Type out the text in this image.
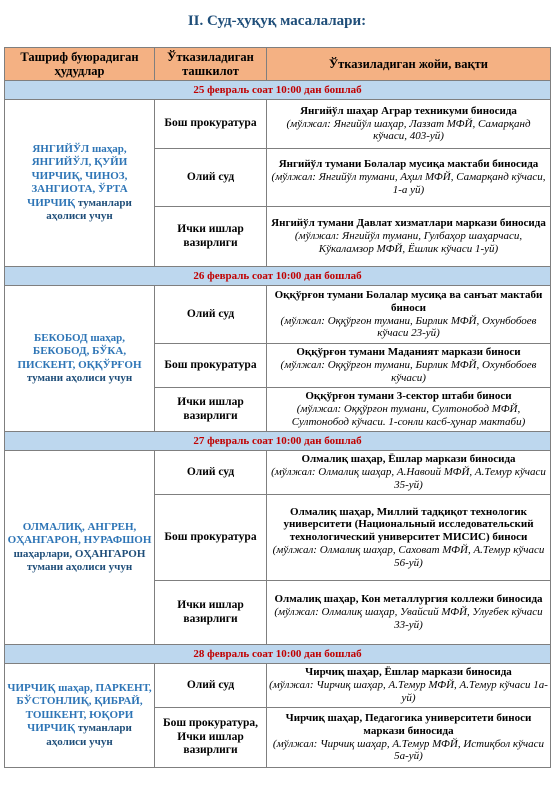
II. Суд-ҳуқуқ масалалари:
Ташриф буюрадиган ҳудудлар	Ўтказиладиган ташкилот	Ўтказиладиган жойи, вақти
25 февраль соат 10:00 дан бошлаб		
ЯНГИЙЎЛ шаҳар, ЯНГИЙЎЛ, ҚУЙИ ЧИРЧИҚ, ЧИНОЗ, ЗАНГИОТА, ЎРТА ЧИРЧИҚ туманлари аҳолиси учун	Бош прокуратура	Янгийўл шаҳар Аграр техникуми биносида
(мўлжал: Янгийўл шаҳар, Лаззат МФЙ, Самарқанд кўчаси, 403-уй)

	Олий суд	Янгийўл тумани Болалар мусиқа мактаби биносида
(мўлжал: Янгийўл тумани, Аҳил МФЙ, Самарқанд кўчаси, 1-а уй)

	Ички ишлар вазирлиги	Янгийўл тумани Давлат хизматлари маркази биносида
(мўлжал: Янгийўл тумани, Гулбаҳор шаҳарчаси, Кўкаламзор МФЙ, Ёшлик кўчаси 1-уй)

26 февраль соат 10:00 дан бошлаб		
БЕКОБОД шаҳар, БЕКОБОД, БЎКА, ПИСКЕНТ, ОҚҚЎРҒОН тумани аҳолиси учун	Олий суд	Оққўрғон тумани Болалар мусиқа ва санъат мактаби биноси
(мўлжал: Оққўрғон тумани, Бирлик МФЙ, Охунбобоев кўчаси 23-уй)

	Бош прокуратура	Оққўрғон тумани Маданият маркази биноси
(мўлжал: Оққўрғон тумани, Бирлик МФЙ, Охунбобоев кўчаси)

	Ички ишлар вазирлиги	Оққўрғон тумани 3-сектор штаби биноси
(мўлжал: Оққўрғон тумани, Султонобод МФЙ, Султонобод кўчаси. 1-сонли касб-ҳунар мактаби)

27 февраль соат 10:00 дан бошлаб		
ОЛМАЛИҚ, АНГРЕН, ОҲАНГАРОН, НУРАФШОН шаҳарлари, ОҲАНГАРОН тумани аҳолиси учун	Олий суд	Олмалиқ шаҳар, Ёшлар маркази биносида
(мўлжал: Олмалиқ шаҳар, А.Навоий МФЙ, А.Темур кўчаси 35-уй)

	Бош прокуратура	Олмалиқ шаҳар, Миллий тадқиқот технологик университети (Национальный исследовательский технологический университет МИСИС) биноси
(мўлжал: Олмалиқ шаҳар, Саховат МФЙ, А.Темур кўчаси 56-уй)

	Ички ишлар вазирлиги	Олмалиқ шаҳар, Кон металлургия коллежи биносида
(мўлжал: Олмалиқ шаҳар, Увайсий МФЙ, Улуғбек кўчаси 33-уй)

28 февраль соат 10:00 дан бошлаб		
ЧИРЧИҚ шаҳар, ПАРКЕНТ, БЎСТОНЛИҚ, ҚИБРАЙ, ТОШКЕНТ, ЮҚОРИ ЧИРЧИҚ туманлари аҳолиси учун	Олий суд	Чирчиқ шаҳар, Ёшлар маркази биносида
(мўлжал: Чирчиқ шаҳар, А.Темур МФЙ, А.Темур кўчаси 1а-уй)

	Бош прокуратура, Ички ишлар вазирлиги	Чирчиқ шаҳар, Педагогика университети биноси маркази биносида
(мўлжал: Чирчиқ шаҳар, А.Темур МФЙ, Истиқбол кўчаси 5а-уй)
